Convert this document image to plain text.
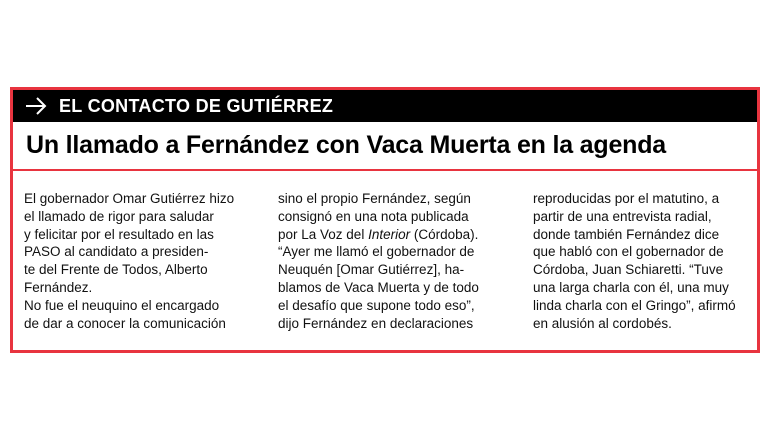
EL CONTACTO DE GUTIÉRREZ
Un llamado a Fernández con Vaca Muerta en la agenda

El gobernador Omar Gutiérrez hizo

el llamado de rigor para saludar

y felicitar por el resultado en las

PASO al candidato a presiden-

te del Frente de Todos, Alberto

Fernández.

No fue el neuquino el encargado

de dar a conocer la comunicación

sino el propio Fernández, según

consignó en una nota publicada

por La Voz del Interior (Córdoba).

“Ayer me llamó el gobernador de

Neuquén [Omar Gutiérrez], ha-

blamos de Vaca Muerta y de todo

el desafío que supone todo eso”,

dijo Fernández en declaraciones

reproducidas por el matutino, a

partir de una entrevista radial,

donde también Fernández dice

que habló con el gobernador de

Córdoba, Juan Schiaretti. “Tuve

una larga charla con él, una muy

linda charla con el Gringo”, afirmó

en alusión al cordobés.
